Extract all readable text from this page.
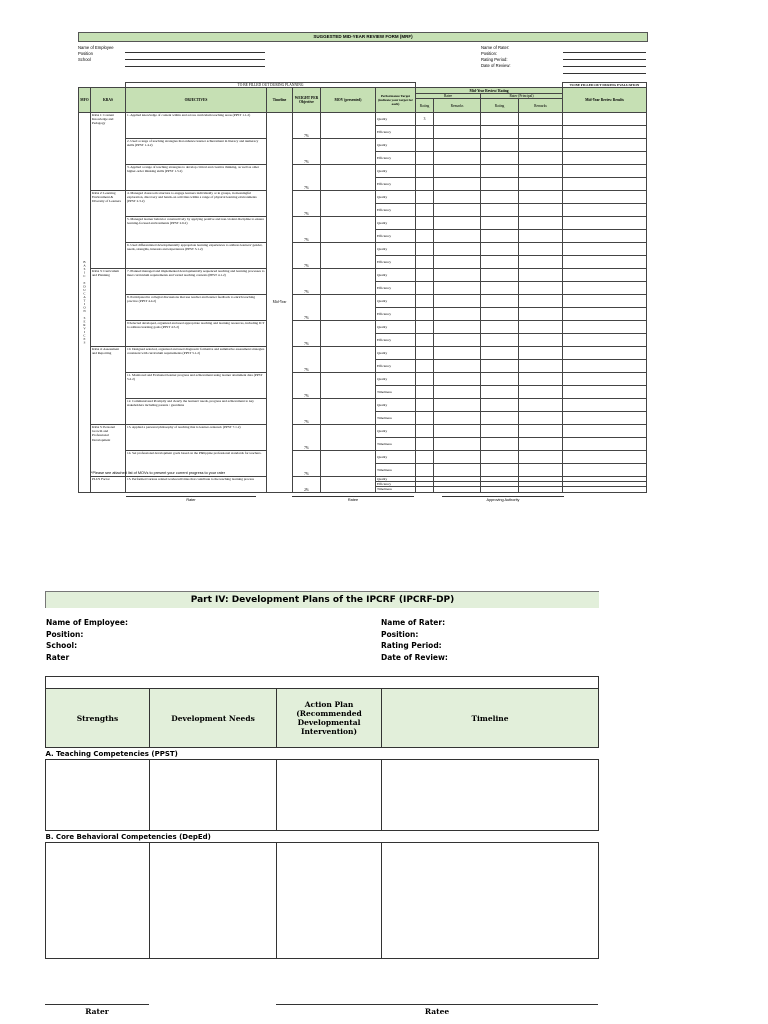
SUGGESTED MID-YEAR REVIEW FORM (MRF)
Name of Employee
Position
School
Name of Rater:
Position:
Rating Period:
Date of Review:
		TO BE FILLED OUT DURING PLANNING									TO BE FILLED OUT DURING EVALUATION
MFO	KRAS	OBJECTIVES	Timeline	WEIGHT PER Objective	MOV (presented)	Performance Target (indicate your target for each)	Mid-Year Review/ Rating				Mid-Year Review Results
							Ratee		Rater (Principal)		
							Rating	Remarks	Rating	Remarks	
BASIC EDUCATION SERVICES	KRA 1: Content Knowledge and Pedagogy	1. Applied knowledge of content within and across curriculum teaching areas (PPST 1.1.2)	Mid-Year	7%		Quality	3				
						Efficiency					
		2. Used a range of teaching strategies that enhance learner achievement in literacy and numeracy skills (PPST 1.4.2)		7%		Quality					
						Efficiency					
		3. Applied a range of teaching strategies to develop critical and creative thinking, as well as other higher-order thinking skills (PPST 1.5.2)		7%		Quality					
						Efficiency					
	KRA 2: Learning Environment & Diversity of Learners	4. Managed classroom structure to engage learners individually or in groups, in meaningful exploration, discovery and hands-on activities within a range of physical learning environments (PPST 2.3.2)		7%		Quality					
						Efficiency					
		5. Managed learner behavior constructively by applying positive and non-violent discipline to ensure learning-focused environments (PPST 2.6.2)		7%		Quality					
						Efficiency					
		6. Used differentiated developmentally appropriate learning experiences to address learners' gender, needs, strengths, interests and experiences (PPST 3.1.2)		7%		Quality					
						Efficiency					
	KRA 3: Curriculum and Planning	7. Planned managed and implemented developmentally sequenced teaching and learning processes to meet curriculum requirements and varied teaching contexts (PPST 4.1.2)		7%		Quality					
						Efficiency					
		8. Participated in collegial discussions that use teacher and learner feedback to enrich teaching practice (PPST 4.4.2)		7%		Quality					
						Efficiency					
		9.Selected developed, organized and used appropriate teaching and learning resources, including ICT to address learning goals (PPST 4.5.2)		7%		Quality					
						Efficiency					
	KRA 4: Assessment and Reporting	10. Designed selected, organized and used diagnostic formative and summative assessment strategies consistent with curriculum requirements (PPST 5.1.2)		7%		Quality					
						Efficiency					
		11. Monitored and Evaluated learner progress and achievement using learner attainment data (PPST 5.2.2)		7%		Quality					
						Timeliness					
		12. Communicated Promptly and clearly the learners' needs, progress and achievement to key stakeholders including parents / guardians		7%		Quality					
						Timeliness					
	KRA 5: Personal Growth and Professional Development	13. Applied a personal philosophy of teaching that is learner-centered. (PPST 7.1.2)		7%		Quality					
						Timeliness					
		14. Set professional development goals based on the Philippine professional standards for teachers.		7%		Quality					
						Timeliness					
	PLUS Factor	15. Performed various related works/activities that contribute to the teaching learning process		2%		Quality					
						Efficiency					
						Timeliness					
*Please see attached list of MOVs to present your current progress to your rater
Rater	Ratee	Approving Authority
Part IV: Development Plans of the IPCRF (IPCRF-DP)
Name of Employee:
Position:
School:
Rater
Name of Rater:
Position:
Rating Period:
Date of Review:

Strengths	Development Needs	Action Plan (Recommended Developmental Intervention)	Timeline
A. Teaching Competencies (PPST)			

B. Core Behavioral Competencies (DepEd)			

Rater	Ratee
